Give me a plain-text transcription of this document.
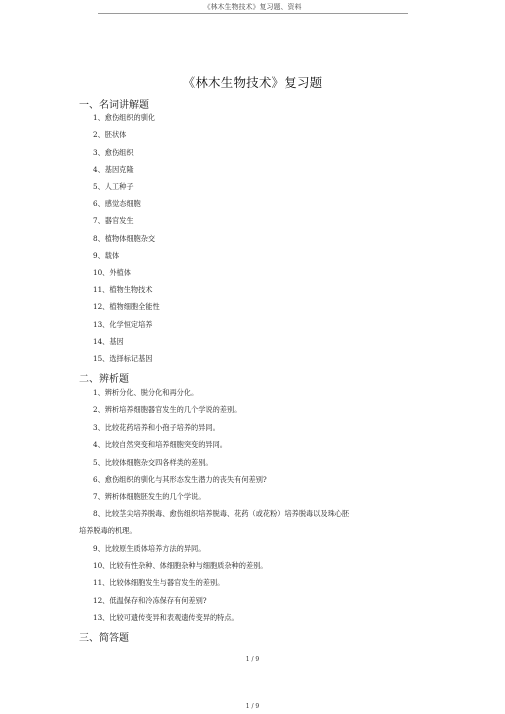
《林木生物技术》复习题、资料
《林木生物技术》复习题
一、名词讲解题
1、愈伤组织的驯化
2、胚状体
3、愈伤组织
4、基因克隆
5、人工种子
6、感觉态细胞
7、器官发生
8、植物体细胞杂交
9、载体
10、外植体
11、植物生物技术
12、植物细胞全能性
13、化学恒定培养
14、基因
15、选择标记基因
二、辨析题
1、辨析分化、脱分化和再分化。
2、辨析培养细胞器官发生的几个学说的差别。
3、比较花药培养和小孢子培养的异同。
4、比较自然突变和培养细胞突变的异同。
5、比较体细胞杂交四各样类的差别。
6、愈伤组织的驯化与其形态发生潜力的丧失有何差别?
7、辨析体细胞胚发生的几个学说。
8、比较茎尖培养脱毒、愈伤组织培养脱毒、花药（或花粉）培养脱毒以及珠心胚
培养脱毒的机理。
9、比较原生质体培养方法的异同。
10、比较有性杂种、体细胞杂种与细胞质杂种的差别。
11、比较体细胞发生与器官发生的差别。
12、低温保存和冷冻保存有何差别?
13、比较可遗传变异和表观遗传变异的特点。
三、简答题
1 / 9
1 / 9
